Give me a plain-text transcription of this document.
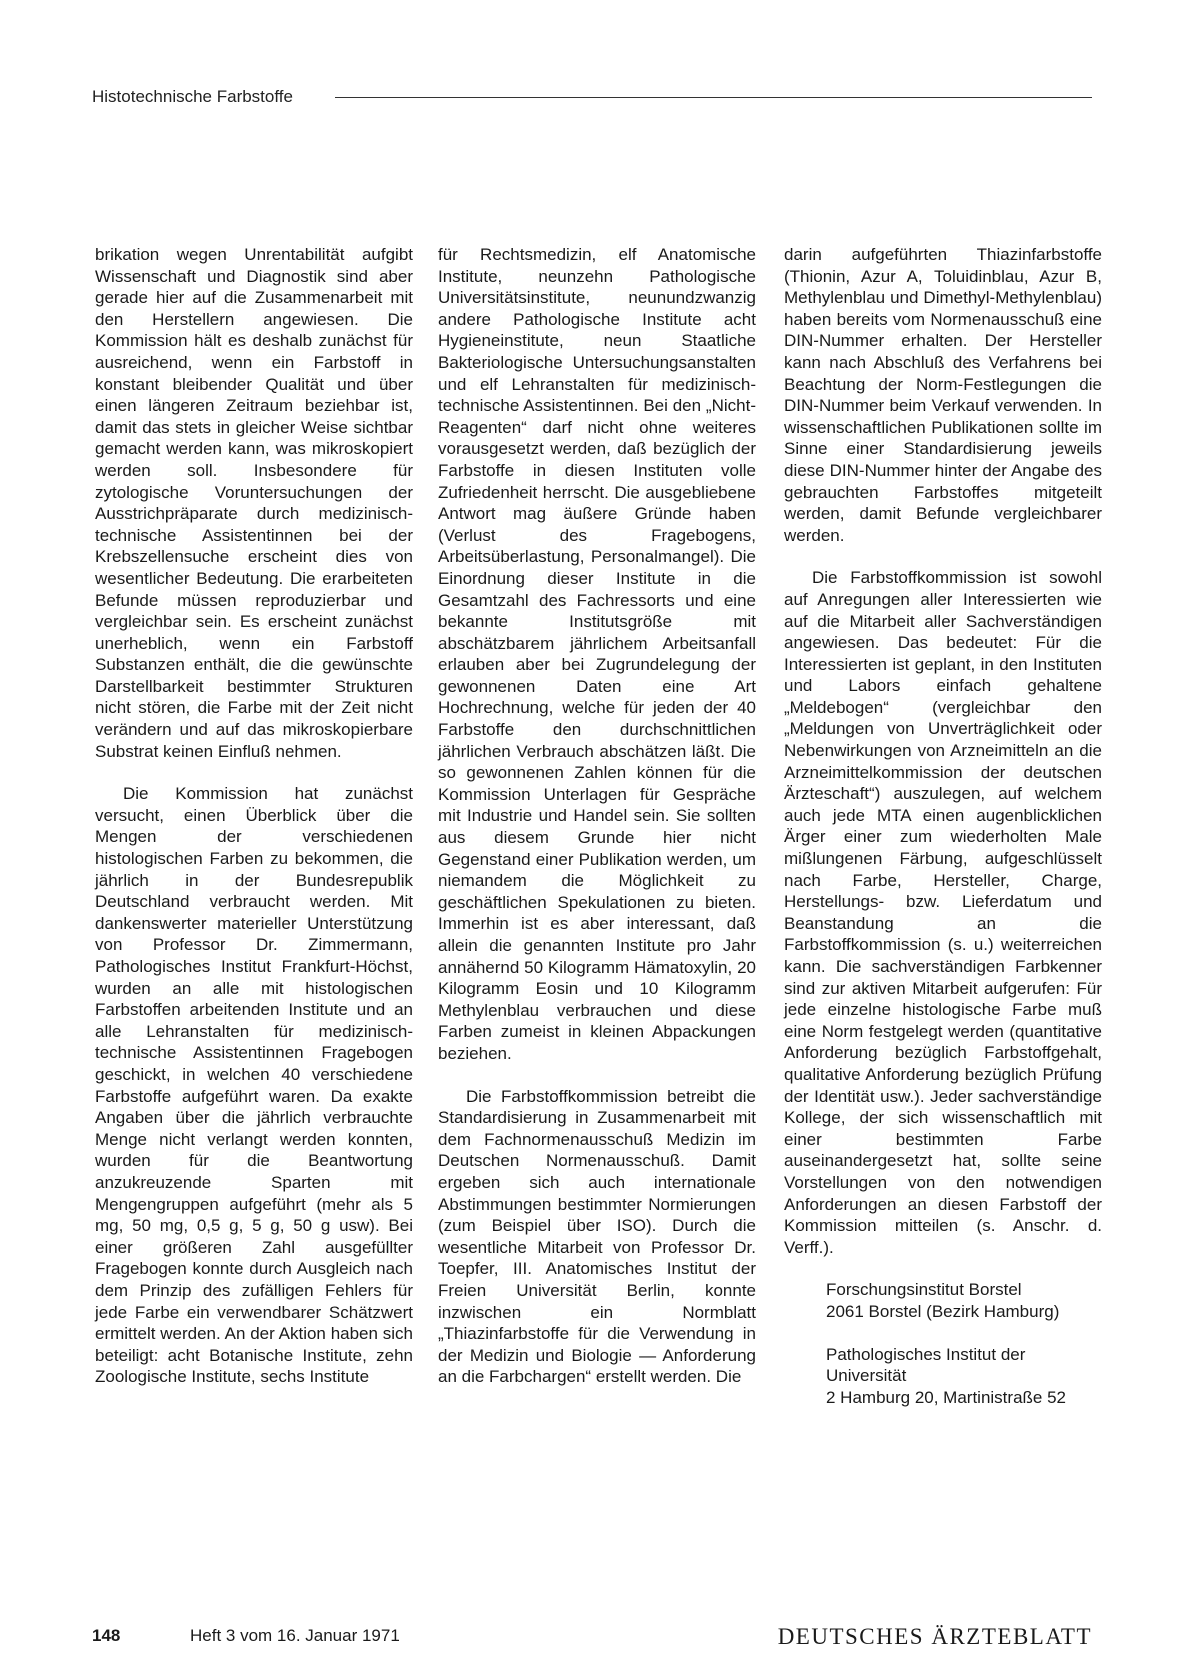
Histotechnische Farbstoffe

brikation wegen Unrentabilität aufgibt Wissenschaft und Diagnostik sind aber gerade hier auf die Zusammenarbeit mit den Herstellern angewiesen. Die Kommission hält es deshalb zunächst für ausreichend, wenn ein Farbstoff in konstant bleibender Qualität und über einen längeren Zeitraum beziehbar ist, damit das stets in gleicher Weise sichtbar gemacht werden kann, was mikroskopiert werden soll. Insbesondere für zytologische Voruntersuchungen der Ausstrichpräparate durch medizinisch-technische Assistentinnen bei der Krebszellensuche erscheint dies von wesentlicher Bedeutung. Die erarbeiteten Befunde müssen reproduzierbar und vergleichbar sein. Es erscheint zunächst unerheblich, wenn ein Farbstoff Substanzen enthält, die die gewünschte Darstellbarkeit bestimmter Strukturen nicht stören, die Farbe mit der Zeit nicht verändern und auf das mikroskopierbare Substrat keinen Einfluß nehmen.

Die Kommission hat zunächst versucht, einen Überblick über die Mengen der verschiedenen histologischen Farben zu bekommen, die jährlich in der Bundesrepublik Deutschland verbraucht werden. Mit dankenswerter materieller Unterstützung von Professor Dr. Zimmermann, Pathologisches Institut Frankfurt-Höchst, wurden an alle mit histologischen Farbstoffen arbeitenden Institute und an alle Lehranstalten für medizinisch-technische Assistentinnen Fragebogen geschickt, in welchen 40 verschiedene Farbstoffe aufgeführt waren. Da exakte Angaben über die jährlich verbrauchte Menge nicht verlangt werden konnten, wurden für die Beantwortung anzukreuzende Sparten mit Mengengruppen aufgeführt (mehr als 5 mg, 50 mg, 0,5 g, 5 g, 50 g usw). Bei einer größeren Zahl ausgefüllter Fragebogen konnte durch Ausgleich nach dem Prinzip des zufälligen Fehlers für jede Farbe ein verwendbarer Schätzwert ermittelt werden. An der Aktion haben sich beteiligt: acht Botanische Institute, zehn Zoologische Institute, sechs Institute

für Rechtsmedizin, elf Anatomische Institute, neunzehn Pathologische Universitätsinstitute, neunundzwanzig andere Pathologische Institute acht Hygieneinstitute, neun Staatliche Bakteriologische Untersuchungsanstalten und elf Lehranstalten für medizinisch-technische Assistentinnen. Bei den „Nicht-Reagenten“ darf nicht ohne weiteres vorausgesetzt werden, daß bezüglich der Farbstoffe in diesen Instituten volle Zufriedenheit herrscht. Die ausgebliebene Antwort mag äußere Gründe haben (Verlust des Fragebogens, Arbeitsüberlastung, Personalmangel). Die Einordnung dieser Institute in die Gesamtzahl des Fachressorts und eine bekannte Institutsgröße mit abschätzbarem jährlichem Arbeitsanfall erlauben aber bei Zugrundelegung der gewonnenen Daten eine Art Hochrechnung, welche für jeden der 40 Farbstoffe den durchschnittlichen jährlichen Verbrauch abschätzen läßt. Die so gewonnenen Zahlen können für die Kommission Unterlagen für Gespräche mit Industrie und Handel sein. Sie sollten aus diesem Grunde hier nicht Gegenstand einer Publikation werden, um niemandem die Möglichkeit zu geschäftlichen Spekulationen zu bieten. Immerhin ist es aber interessant, daß allein die genannten Institute pro Jahr annähernd 50 Kilogramm Hämatoxylin, 20 Kilogramm Eosin und 10 Kilogramm Methylenblau verbrauchen und diese Farben zumeist in kleinen Abpackungen beziehen.

Die Farbstoffkommission betreibt die Standardisierung in Zusammenarbeit mit dem Fachnormenausschuß Medizin im Deutschen Normenausschuß. Damit ergeben sich auch internationale Abstimmungen bestimmter Normierungen (zum Beispiel über ISO). Durch die wesentliche Mitarbeit von Professor Dr. Toepfer, III. Anatomisches Institut der Freien Universität Berlin, konnte inzwischen ein Normblatt „Thiazinfarbstoffe für die Verwendung in der Medizin und Biologie — Anforderung an die Farbchargen“ erstellt werden. Die

darin aufgeführten Thiazinfarbstoffe (Thionin, Azur A, Toluidinblau, Azur B, Methylenblau und Dimethyl-Methylenblau) haben bereits vom Normenausschuß eine DIN-Nummer erhalten. Der Hersteller kann nach Abschluß des Verfahrens bei Beachtung der Norm-Festlegungen die DIN-Nummer beim Verkauf verwenden. In wissenschaftlichen Publikationen sollte im Sinne einer Standardisierung jeweils diese DIN-Nummer hinter der Angabe des gebrauchten Farbstoffes mitgeteilt werden, damit Befunde vergleichbarer werden.

Die Farbstoffkommission ist sowohl auf Anregungen aller Interessierten wie auf die Mitarbeit aller Sachverständigen angewiesen. Das bedeutet: Für die Interessierten ist geplant, in den Instituten und Labors einfach gehaltene „Meldebogen“ (vergleichbar den „Meldungen von Unverträglichkeit oder Nebenwirkungen von Arzneimitteln an die Arzneimittelkommission der deutschen Ärzteschaft“) auszulegen, auf welchem auch jede MTA einen augenblicklichen Ärger einer zum wiederholten Male mißlungenen Färbung, aufgeschlüsselt nach Farbe, Hersteller, Charge, Herstellungs- bzw. Lieferdatum und Beanstandung an die Farbstoffkommission (s. u.) weiterreichen kann. Die sachverständigen Farbkenner sind zur aktiven Mitarbeit aufgerufen: Für jede einzelne histologische Farbe muß eine Norm festgelegt werden (quantitative Anforderung bezüglich Farbstoffgehalt, qualitative Anforderung bezüglich Prüfung der Identität usw.). Jeder sachverständige Kollege, der sich wissenschaftlich mit einer bestimmten Farbe auseinandergesetzt hat, sollte seine Vorstellungen von den notwendigen Anforderungen an diesen Farbstoff der Kommission mitteilen (s. Anschr. d. Verff.).

Forschungsinstitut Borstel
2061 Borstel (Bezirk Hamburg)

Pathologisches Institut der Universität
2 Hamburg 20, Martinistraße 52

148	Heft 3 vom 16. Januar 1971	DEUTSCHES ÄRZTEBLATT
